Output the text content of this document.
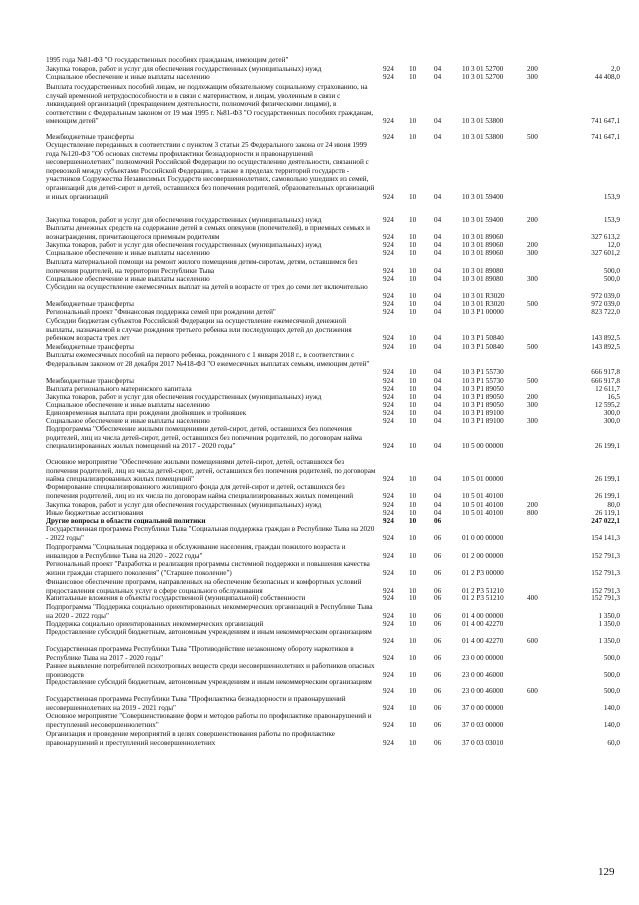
1995 года №81-ФЗ "О государственных пособиях гражданам, имеющим детей"
Закупка товаров, работ и услуг для обеспечения государственных (муниципальных) нужд	924 10 04	10 3 01 52700	200	2,0
Социальное обеспечение и иные выплаты населению	924 10 04	10 3 01 52700	300	44 408,0
Выплата государственных пособий лицам, не подлежащим обязательному социальному страхованию, на случай временной нетрудоспособности и в связи с материнством, и лицам, уволенным в связи с ликвидацией организаций (прекращением деятельности, полномочий физическими лицами), в соответствии с Федеральным законом от 19 мая 1995 г. №81-ФЗ "О государственных пособиях гражданам, имеющим детей"	924 10 04	10 3 01 53800	741 647,1
Межбюджетные трансферты	924 10 04	10 3 01 53800	500	741 647,1
Осуществление переданных в соответствии с пунктом 3 статьи 25 Федерального закона от 24 июня 1999 года №120-ФЗ "Об основах системы профилактики безнадзорности и правонарушений несовершеннолетних" полномочий Российской Федерации по осуществлению деятельности, связанной с перевозкой между субъектами Российской Федерации, а также в пределах территорий государств - участников Содружества Независимых Государств несовершеннолетних, самовольно ушедших из семей, организаций для детей-сирот и детей, оставшихся без попечения родителей, образовательных организаций и иных организаций	924 10 04	10 3 01 59400	153,9
Закупка товаров, работ и услуг для обеспечения государственных (муниципальных) нужд	924 10 04	10 3 01 59400	200	153,9
Выплаты денежных средств на содержание детей в семьях опекунов (попечителей), в приемных семьях и вознаграждения, причитающегося приемным родителям	924 10 04	10 3 01 89060	327 613,2
Закупка товаров, работ и услуг для обеспечения государственных (муниципальных) нужд	924 10 04	10 3 01 89060	200	12,0
Социальное обеспечение и иные выплаты населению	924 10 04	10 3 01 89060	300	327 601,2
Выплата материальной помощи на ремонт жилого помещения детям-сиротам, детям, оставшимся без попечения родителей, на территории Республики Тыва	924 10 04	10 3 01 89080	500,0
Социальное обеспечение и иные выплаты населению	924 10 04	10 3 01 89080	300	500,0
Субсидии на осуществление ежемесячных выплат на детей в возрасте от трех до семи лет включительно
924 10 04	10 3 01 R3020	972 039,0
Межбюджетные трансферты	924 10 04	10 3 01 R3020	500	972 039,0
Региональный проект "Финансовая поддержка семей при рождении детей"	924 10 04	10 3 P1 00000	823 722,0
Субсидии бюджетам субъектов Российской Федерации на осуществление ежемесячной денежной выплаты, назначаемой в случае рождения третьего ребенка или последующих детей до достижения ребенком возраста трех лет	924 10 04	10 3 P1 50840	143 892,5
Межбюджетные трансферты	924 10 04	10 3 P1 50840	500	143 892,5
Выплаты ежемесячных пособий на первого ребенка, рожденного с 1 января 2018 г., в соответствии с Федеральным законом от 28 декабря 2017 №418-ФЗ "О ежемесячных выплатах семьям, имеющим детей"
924 10 04	10 3 P1 55730	666 917,8
Межбюджетные трансферты	924 10 04	10 3 P1 55730	500	666 917,8
Выплата регионального материнского капитала	924 10 04	10 3 P1 89050	12 611,7
Закупка товаров, работ и услуг для обеспечения государственных (муниципальных) нужд	924 10 04	10 3 P1 89050	200	16,5
Социальное обеспечение и иные выплаты населению	924 10 04	10 3 P1 89050	300	12 595,2
Единовременная выплата при рождении двойняшек и тройняшек	924 10 04	10 3 P1 89100	300,0
Социальное обеспечение и иные выплаты населению	924 10 04	10 3 P1 89100	300	300,0
Подпрограмма "Обеспечение жилыми помещениями детей-сирот, детей, оставшихся без попечения родителей, лиц из числа детей-сирот, детей, оставшихся без попечения родителей, по договорам найма специализированных жилых помещений на 2017 - 2020 годы"	924 10 04	10 5 00 00000	26 199,1
Основное мероприятие "Обеспечение жилыми помещениями детей-сирот, детей, оставшихся без попечения родителей, лиц из числа детей-сирот, детей, оставшихся без попечения родителей, по договорам найма специализированных жилых помещений"	924 10 04	10 5 01 00000	26 199,1
Формирование специализированного жилищного фонда для детей-сирот и детей, оставшихся без попечения родителей, лиц из их числа по договорам найма специализированных жилых помещений	924 10 04	10 5 01 40100	26 199,1
Закупка товаров, работ и услуг для обеспечения государственных (муниципальных) нужд	924 10 04	10 5 01 40100	200	80,0
Иные бюджетные ассигнования	924 10 04	10 5 01 40100	800	26 119,1
Другие вопросы в области социальной политики	924 10 06	247 022,1
Государственная программа Республики Тыва "Социальная поддержка граждан в Республике Тыва на 2020 - 2022 годы"	924 10 06	01 0 00 00000	154 141,3
Подпрограмма "Социальная поддержка и обслуживание населения, граждан пожилого возраста и инвалидов в Республике Тыва на 2020 - 2022 годы"	924 10 06	01 2 00 00000	152 791,3
Региональный проект "Разработка и реализация программы системной поддержки и повышения качества жизни граждан старшего поколения" ("Старшее поколение")	924 10 06	01 2 P3 00000	152 791,3
Финансовое обеспечение программ, направленных на обеспечение безопасных и комфортных условий предоставления социальных услуг в сфере социального обслуживания	924 10 06	01 2 P3 51210	152 791,3
Капитальные вложения в объекты государственной (муниципальной) собственности	924 10 06	01 2 P3 51210	400	152 791,3
Подпрограмма "Поддержка социально ориентированных некоммерческих организаций в Республике Тыва на 2020 - 2022 годы"	924 10 06	01 4 00 00000	1 350,0
Поддержка социально ориентированных некоммерческих организаций	924 10 06	01 4 00 42270	1 350,0
Предоставление субсидий бюджетным, автономным учреждениям и иным некоммерческим организациям
924 10 06	01 4 00 42270	600	1 350,0
Государственная программа Республики Тыва "Противодействие незаконному обороту наркотиков в Республике Тыва на 2017 - 2020 годы"	924 10 06	23 0 00 00000	500,0
Раннее выявление потребителей психотропных веществ среди несовершеннолетних и работников опасных производств	924 10 06	23 0 00 46000	500,0
Предоставление субсидий бюджетным, автономным учреждениям и иным некоммерческим организациям
924 10 06	23 0 00 46000	600	500,0
Государственная программа Республики Тыва "Профилактика безнадзорности и правонарушений несовершеннолетних на 2019 - 2021 годы"	924 10 06	37 0 00 00000	140,0
Основное мероприятие "Совершенствование форм и методов работы по профилактике правонарушений и преступлений несовершеннолетних"	924 10 06	37 0 03 00000	140,0
Организация и проведение мероприятий в целях совершенствования работы по профилактике правонарушений и преступлений несовершеннолетних	924 10 06	37 0 03 03010	60,0
129
